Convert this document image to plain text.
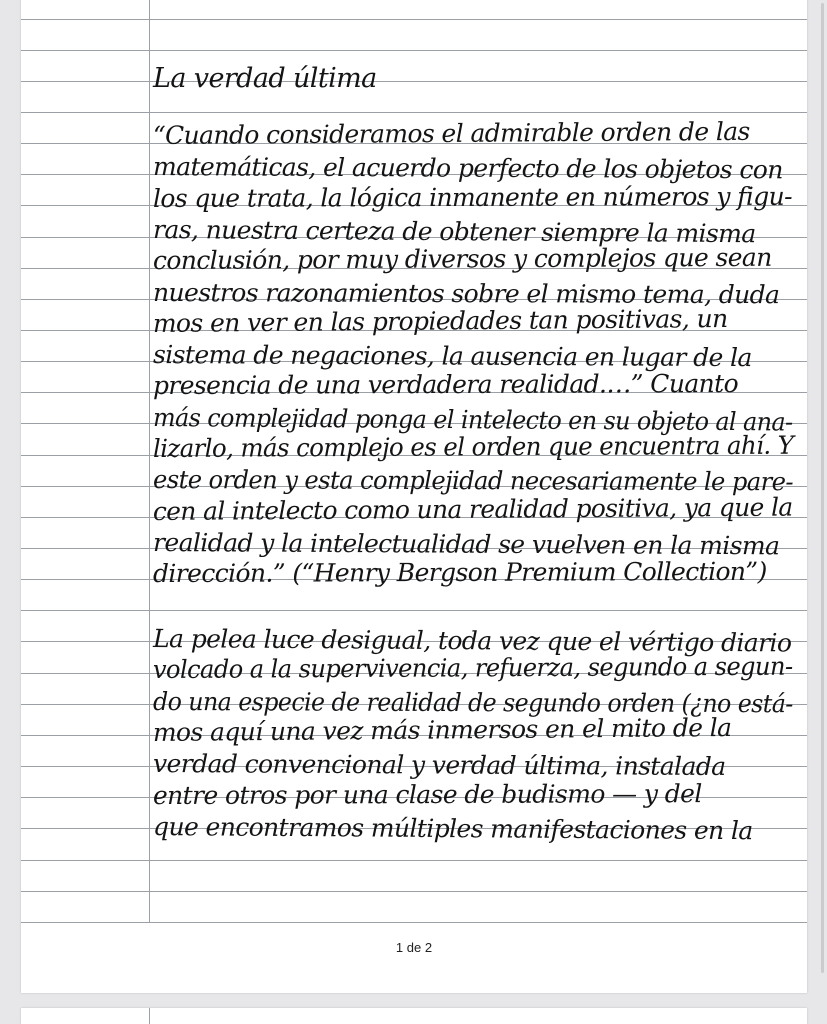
La verdad última
“Cuando consideramos el admirable orden de las
matemáticas, el acuerdo perfecto de los objetos con
los que trata, la lógica inmanente en números y figu-
ras, nuestra certeza de obtener siempre la misma
conclusión, por muy diversos y complejos que sean
nuestros razonamientos sobre el mismo tema, duda
mos en ver en las propiedades tan positivas, un
sistema de negaciones, la ausencia en lugar de la
presencia de una verdadera realidad.…” Cuanto
más complejidad ponga el intelecto en su objeto al ana-
lizarlo, más complejo es el orden que encuentra ahí. Y
este orden y esta complejidad necesariamente le pare-
cen al intelecto como una realidad positiva, ya que la
realidad y la intelectualidad se vuelven en la misma
dirección.” (“Henry Bergson Premium Collection”)
La pelea luce desigual, toda vez que el vértigo diario
volcado a la supervivencia, refuerza, segundo a segun-
do una especie de realidad de segundo orden (¿no está-
mos aquí una vez más inmersos en el mito de la
verdad convencional y verdad última, instalada
entre otros por una clase de budismo — y del
que encontramos múltiples manifestaciones en la
1 de 2
